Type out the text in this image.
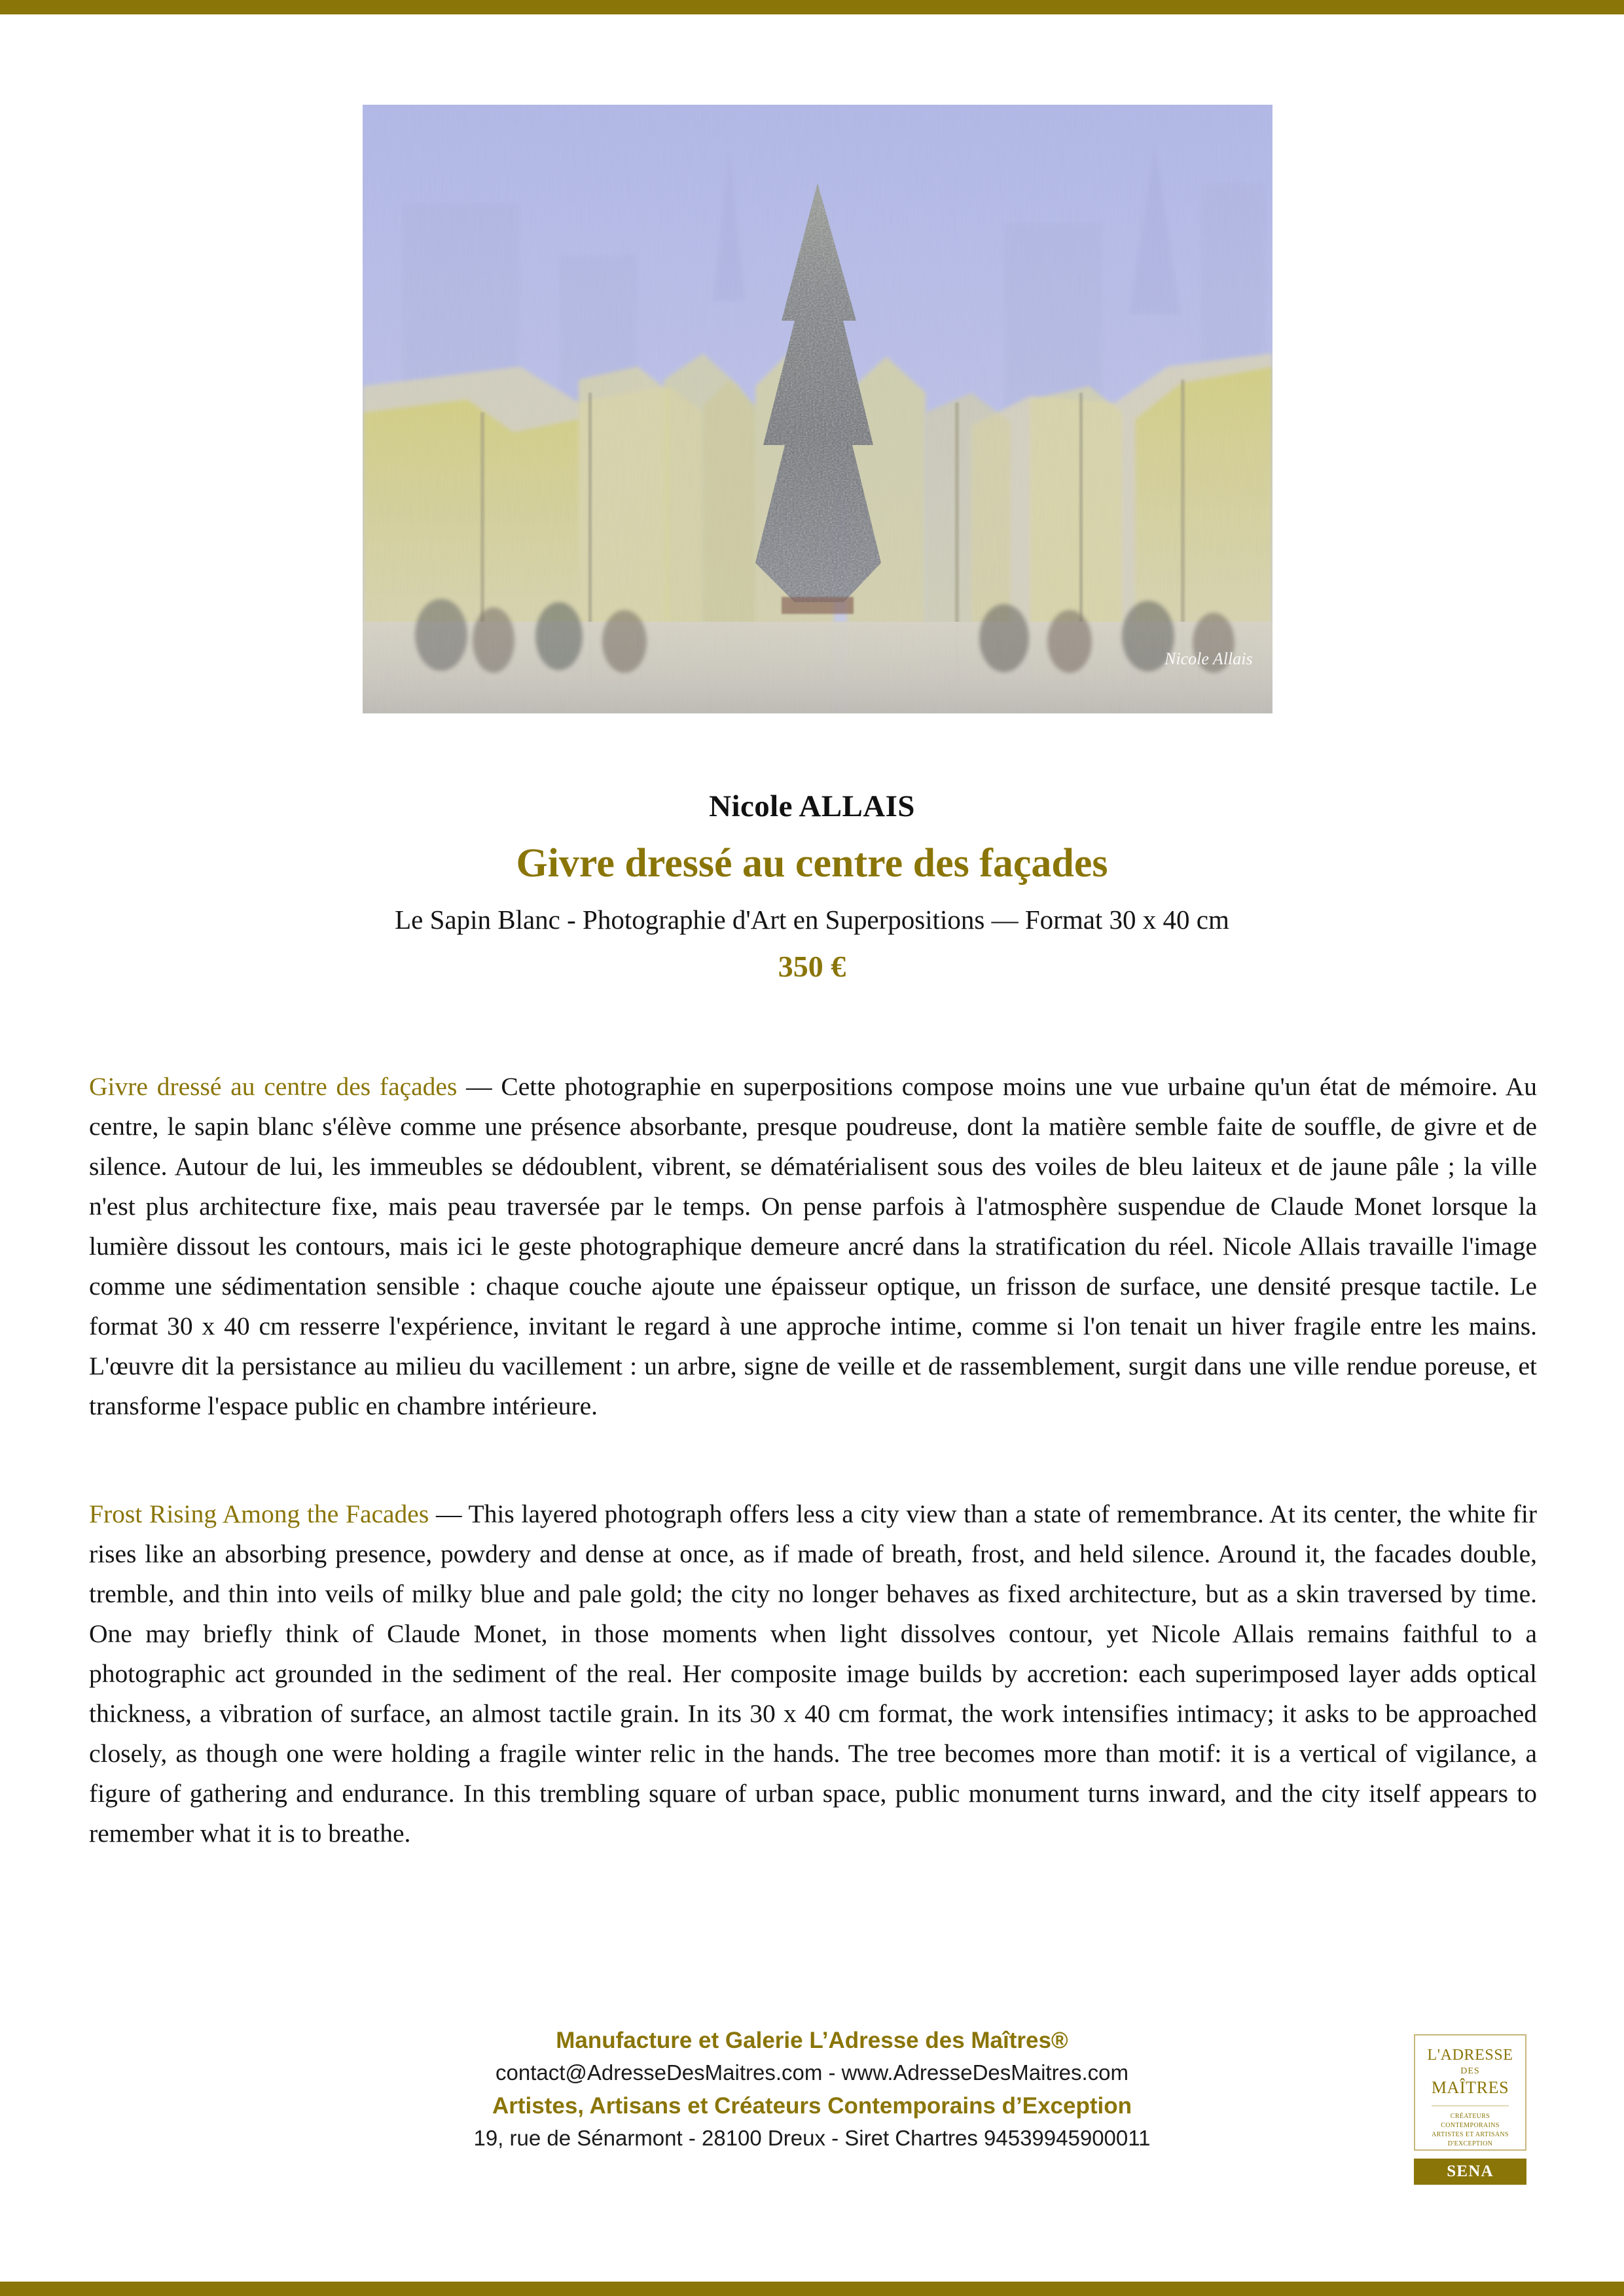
Nicole Allais
Nicole ALLAIS
Givre dressé au centre des façades
Le Sapin Blanc - Photographie d'Art en Superpositions — Format 30 x 40 cm
350 €

Givre dressé au centre des façades — Cette photographie en superpositions compose moins une vue urbaine qu'un état de mémoire. Au centre, le sapin blanc s'élève comme une présence absorbante, presque poudreuse, dont la matière semble faite de souffle, de givre et de silence. Autour de lui, les immeubles se dédoublent, vibrent, se dématérialisent sous des voiles de bleu laiteux et de jaune pâle ; la ville n'est plus architecture fixe, mais peau traversée par le temps. On pense parfois à l'atmosphère suspendue de Claude Monet lorsque la lumière dissout les contours, mais ici le geste photographique demeure ancré dans la stratification du réel. Nicole Allais travaille l'image comme une sédimentation sensible : chaque couche ajoute une épaisseur optique, un frisson de surface, une densité presque tactile. Le format 30 x 40 cm resserre l'expérience, invitant le regard à une approche intime, comme si l'on tenait un hiver fragile entre les mains. L'œuvre dit la persistance au milieu du vacillement : un arbre, signe de veille et de rassemblement, surgit dans une ville rendue poreuse, et transforme l'espace public en chambre intérieure.

Frost Rising Among the Facades — This layered photograph offers less a city view than a state of remembrance. At its center, the white fir rises like an absorbing presence, powdery and dense at once, as if made of breath, frost, and held silence. Around it, the facades double, tremble, and thin into veils of milky blue and pale gold; the city no longer behaves as fixed architecture, but as a skin traversed by time. One may briefly think of Claude Monet, in those moments when light dissolves contour, yet Nicole Allais remains faithful to a photographic act grounded in the sediment of the real. Her composite image builds by accretion: each superimposed layer adds optical thickness, a vibration of surface, an almost tactile grain. In its 30 x 40 cm format, the work intensifies intimacy; it asks to be approached closely, as though one were holding a fragile winter relic in the hands. The tree becomes more than motif: it is a vertical of vigilance, a figure of gathering and endurance. In this trembling square of urban space, public monument turns inward, and the city itself appears to remember what it is to breathe.

Manufacture et Galerie L’Adresse des Maîtres®
contact@AdresseDesMaitres.com - www.AdresseDesMaitres.com
Artistes, Artisans et Créateurs Contemporains d’Exception
19, rue de Sénarmont - 28100 Dreux - Siret Chartres 94539945900011
L'ADRESSE
DES
MAÎTRES
CRÉATEURS CONTEMPORAINS
ARTISTES ET ARTISANS
D'EXCEPTION
SENA
